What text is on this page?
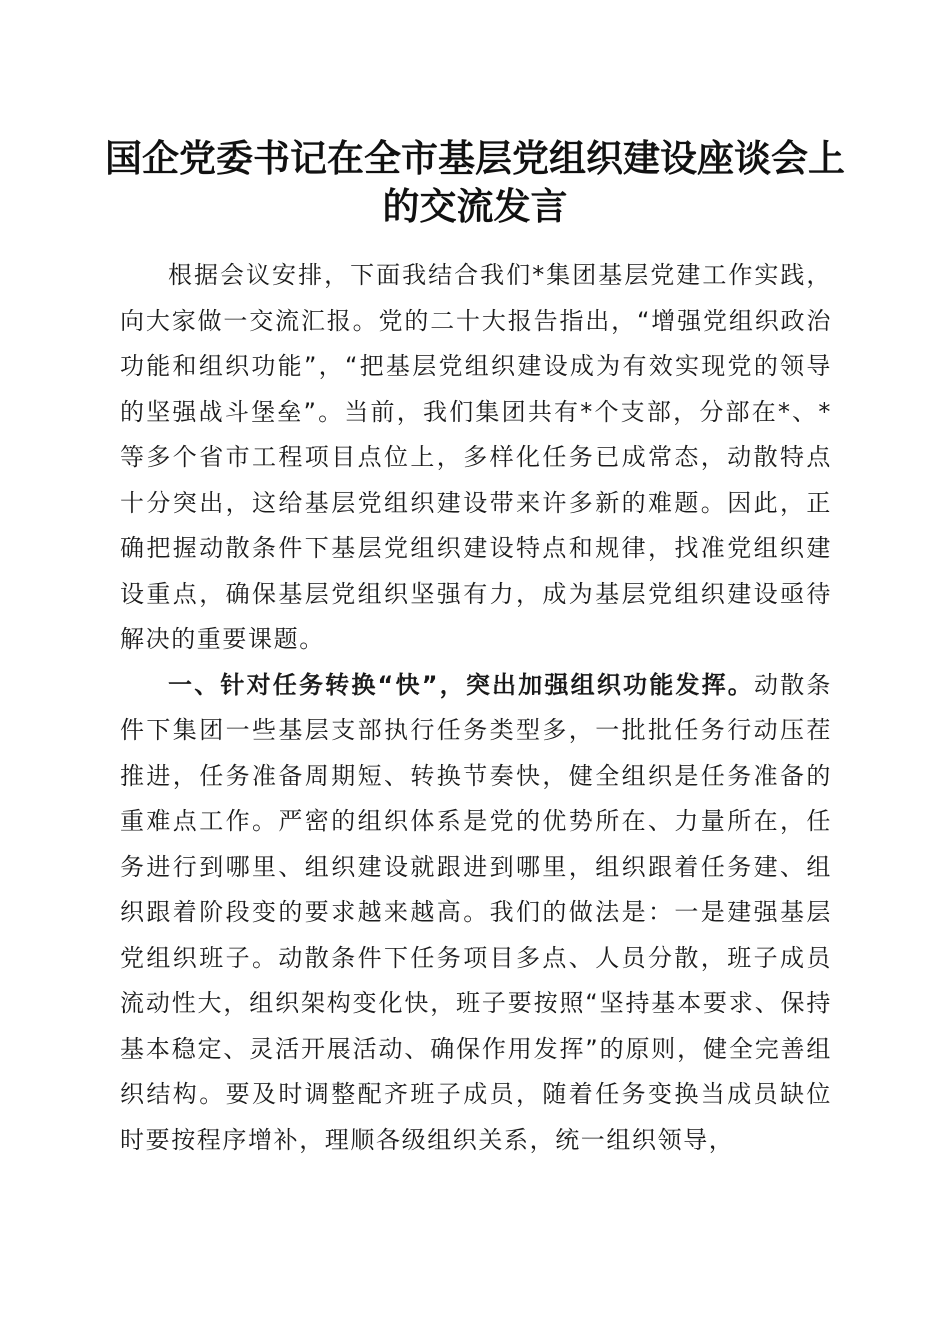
国企党委书记在全市基层党组织建设座谈会上
的交流发言

根据会议安排，下面我结合我们*集团基层党建工作实践，向大家做一交流汇报。党的二十大报告指出，“增强党组织政治功能和组织功能”，“把基层党组织建设成为有效实现党的领导的坚强战斗堡垒”。当前，我们集团共有*个支部，分部在*、*等多个省市工程项目点位上，多样化任务已成常态，动散特点十分突出，这给基层党组织建设带来许多新的难题。因此，正确把握动散条件下基层党组织建设特点和规律，找准党组织建设重点，确保基层党组织坚强有力，成为基层党组织建设亟待解决的重要课题。

一、针对任务转换“快”，突出加强组织功能发挥。动散条件下集团一些基层支部执行任务类型多，一批批任务行动压茬推进，任务准备周期短、转换节奏快，健全组织是任务准备的重难点工作。严密的组织体系是党的优势所在、力量所在，任务进行到哪里、组织建设就跟进到哪里，组织跟着任务建、组织跟着阶段变的要求越来越高。我们的做法是：一是建强基层党组织班子。动散条件下任务项目多点、人员分散，班子成员流动性大，组织架构变化快，班子要按照“坚持基本要求、保持基本稳定、灵活开展活动、确保作用发挥”的原则，健全完善组织结构。要及时调整配齐班子成员，随着任务变换当成员缺位时要按程序增补，理顺各级组织关系，统一组织领导，
